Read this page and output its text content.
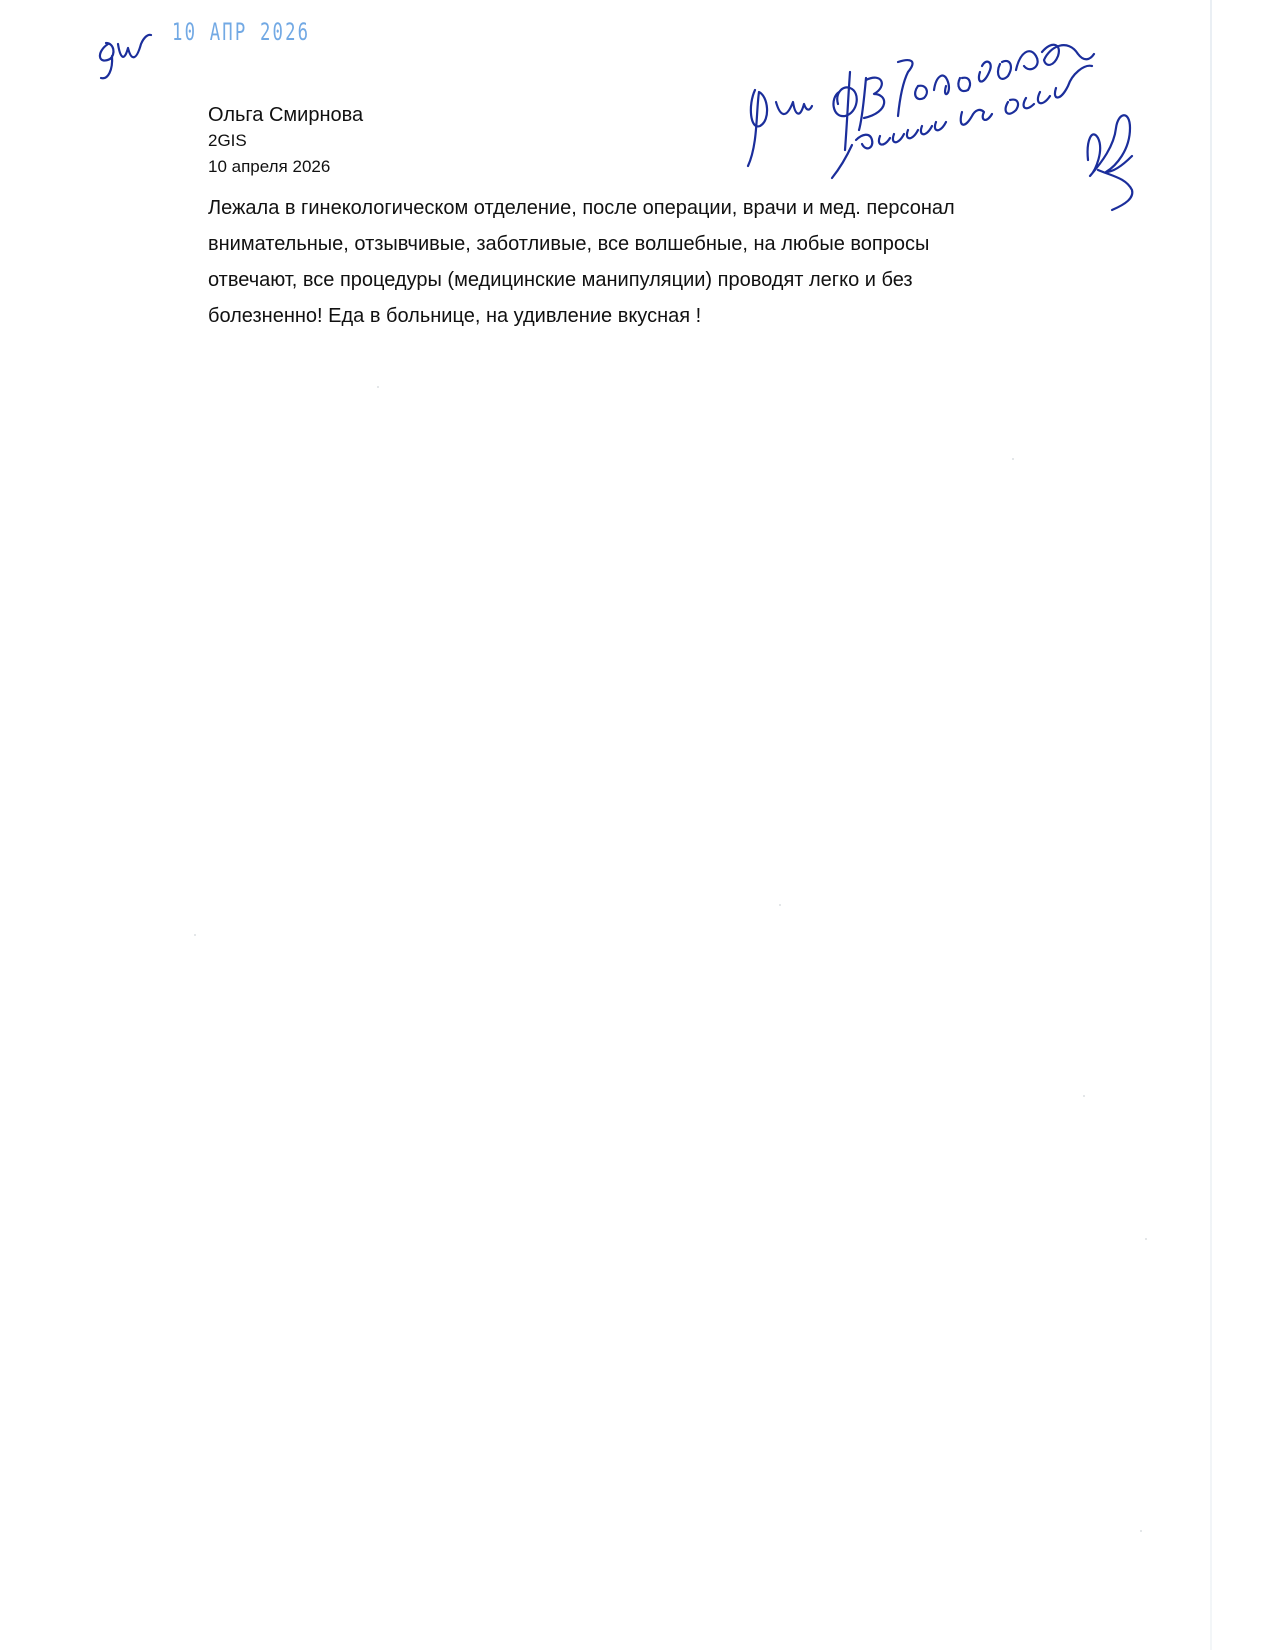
10 АПР 2026

Ольга Смирнова

2GIS

10 апреля 2026

Лежала в гинекологическом отделение, после операции, врачи и мед. персонал
внимательные, отзывчивые, заботливые, все волшебные, на любые вопросы
отвечают, все процедуры (медицинские манипуляции) проводят легко и без
болезненно! Еда в больнице, на удивление вкусная !
